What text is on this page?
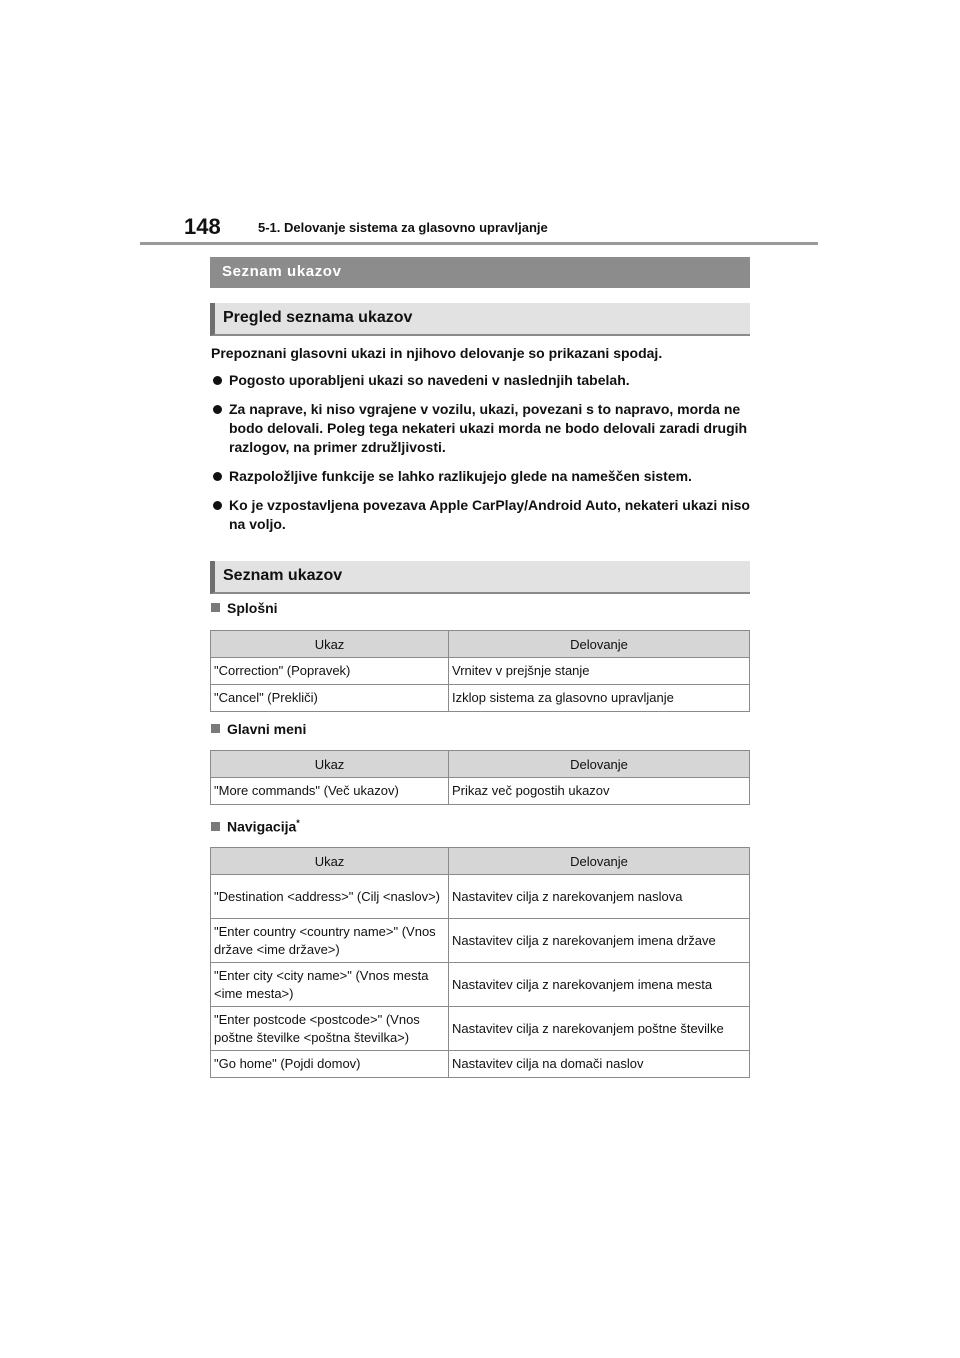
148	5-1. Delovanje sistema za glasovno upravljanje
Seznam ukazov
Pregled seznama ukazov
Prepoznani glasovni ukazi in njihovo delovanje so prikazani spodaj.
Pogosto uporabljeni ukazi so navedeni v naslednjih tabelah.
Za naprave, ki niso vgrajene v vozilu, ukazi, povezani s to napravo, morda ne bodo delovali. Poleg tega nekateri ukazi morda ne bodo delovali zaradi drugih razlogov, na primer združljivosti.
Razpoložljive funkcije se lahko razlikujejo glede na nameščen sistem.
Ko je vzpostavljena povezava Apple CarPlay/Android Auto, nekateri ukazi niso na voljo.
Seznam ukazov
Splošni
Ukaz	Delovanje
"Correction" (Popravek)	Vrnitev v prejšnje stanje
"Cancel" (Prekliči)	Izklop sistema za glasovno upravljanje
Glavni meni
Ukaz	Delovanje
"More commands" (Več ukazov)	Prikaz več pogostih ukazov
Navigacija*
Ukaz	Delovanje
"Destination <address>" (Cilj <naslov>)	Nastavitev cilja z narekovanjem naslova
"Enter country <country name>" (Vnos države <ime države>)	Nastavitev cilja z narekovanjem imena države
"Enter city <city name>" (Vnos mesta <ime mesta>)	Nastavitev cilja z narekovanjem imena mesta
"Enter postcode <postcode>" (Vnos poštne številke <poštna številka>)	Nastavitev cilja z narekovanjem poštne številke
"Go home" (Pojdi domov)	Nastavitev cilja na domači naslov
